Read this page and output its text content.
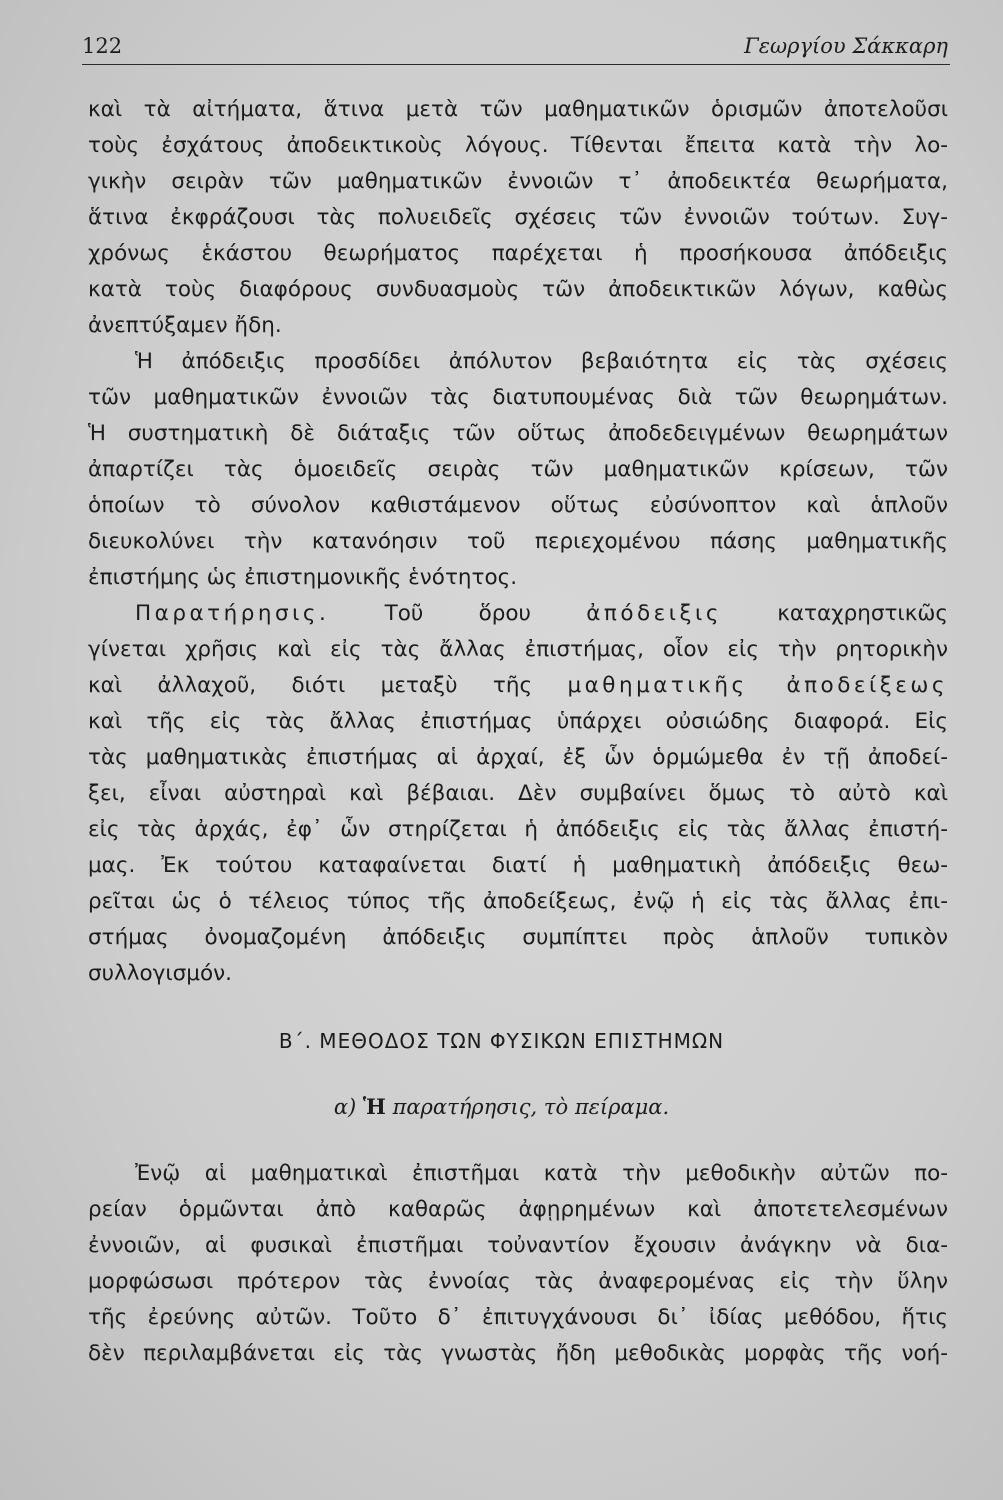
122	Γεωργίου Σάκκαρη
καὶ τὰ αἰτήματα, ἅτινα μετὰ τῶν μαθηματικῶν ὁρισμῶν ἀποτελοῦσι
τοὺς ἐσχάτους ἀποδεικτικοὺς λόγους. Τίθενται ἔπειτα κατὰ τὴν λο-
γικὴν σειρὰν τῶν μαθηματικῶν ἐννοιῶν τ᾽ ἀποδεικτέα θεωρήματα,
ἅτινα ἐκφράζουσι τὰς πολυειδεῖς σχέσεις τῶν ἐννοιῶν τούτων. Συγ-
χρόνως ἑκάστου θεωρήματος παρέχεται ἡ προσήκουσα ἀπόδειξις
κατὰ τοὺς διαφόρους συνδυασμοὺς τῶν ἀποδεικτικῶν λόγων, καθὼς
ἀνεπτύξαμεν ἤδη.
Ἡ ἀπόδειξις προσδίδει ἀπόλυτον βεβαιότητα εἰς τὰς σχέσεις
τῶν μαθηματικῶν ἐννοιῶν τὰς διατυπουμένας διὰ τῶν θεωρημάτων.
Ἡ συστηματικὴ δὲ διάταξις τῶν οὕτως ἀποδεδειγμένων θεωρημάτων
ἀπαρτίζει τὰς ὁμοειδεῖς σειρὰς τῶν μαθηματικῶν κρίσεων, τῶν
ὁποίων τὸ σύνολον καθιστάμενον οὕτως εὐσύνοπτον καὶ ἁπλοῦν
διευκολύνει τὴν κατανόησιν τοῦ περιεχομένου πάσης μαθηματικῆς
ἐπιστήμης ὡς ἐπιστημονικῆς ἑνότητος.
Παρατήρησις.	Τοῦ ὅρου	ἀπόδειξις	καταχρηστικῶς
γίνεται χρῆσις καὶ εἰς τὰς ἄλλας ἐπιστήμας, οἷον εἰς τὴν ρητορικὴν
καὶ ἀλλαχοῦ, διότι μεταξὺ τῆς μαθηματικῆς ἀποδείξεως
καὶ τῆς εἰς τὰς ἄλλας ἐπιστήμας ὑπάρχει οὐσιώδης διαφορά. Εἰς
τὰς μαθηματικὰς ἐπιστήμας αἱ ἀρχαί, ἐξ ὧν ὁρμώμεθα ἐν τῇ ἀποδεί-
ξει, εἶναι αὐστηραὶ καὶ βέβαιαι. Δὲν συμβαίνει ὅμως τὸ αὐτὸ καὶ
εἰς τὰς ἀρχάς, ἐφ᾽ ὧν στηρίζεται ἡ ἀπόδειξις εἰς τὰς ἄλλας ἐπιστή-
μας. Ἐκ τούτου καταφαίνεται διατί ἡ μαθηματικὴ ἀπόδειξις θεω-
ρεῖται ὡς ὁ τέλειος τύπος τῆς ἀποδείξεως, ἐνῷ ἡ εἰς τὰς ἄλλας ἐπι-
στήμας ὀνομαζομένη ἀπόδειξις συμπίπτει πρὸς ἁπλοῦν τυπικὸν
συλλογισμόν.
Β΄. ΜΕΘΟΔΟΣ ΤΩΝ ΦΥΣΙΚΩΝ ΕΠΙΣΤΗΜΩΝ
α) Ἡ παρατήρησις, τὸ πείραμα.
Ἐνῷ αἱ μαθηματικαὶ ἐπιστῆμαι κατὰ τὴν μεθοδικὴν αὐτῶν πο-
ρείαν ὁρμῶνται ἀπὸ καθαρῶς ἀφῃρημένων καὶ ἀποτετελεσμένων
ἐννοιῶν, αἱ φυσικαὶ ἐπιστῆμαι τοὐναντίον ἔχουσιν ἀνάγκην νὰ δια-
μορφώσωσι πρότερον τὰς ἐννοίας τὰς ἀναφερομένας εἰς τὴν ὕλην
τῆς ἐρεύνης αὐτῶν. Τοῦτο δ᾽ ἐπιτυγχάνουσι δι᾽ ἰδίας μεθόδου, ἥτις
δὲν περιλαμβάνεται εἰς τὰς γνωστὰς ἤδη μεθοδικὰς μορφὰς τῆς νοή-
